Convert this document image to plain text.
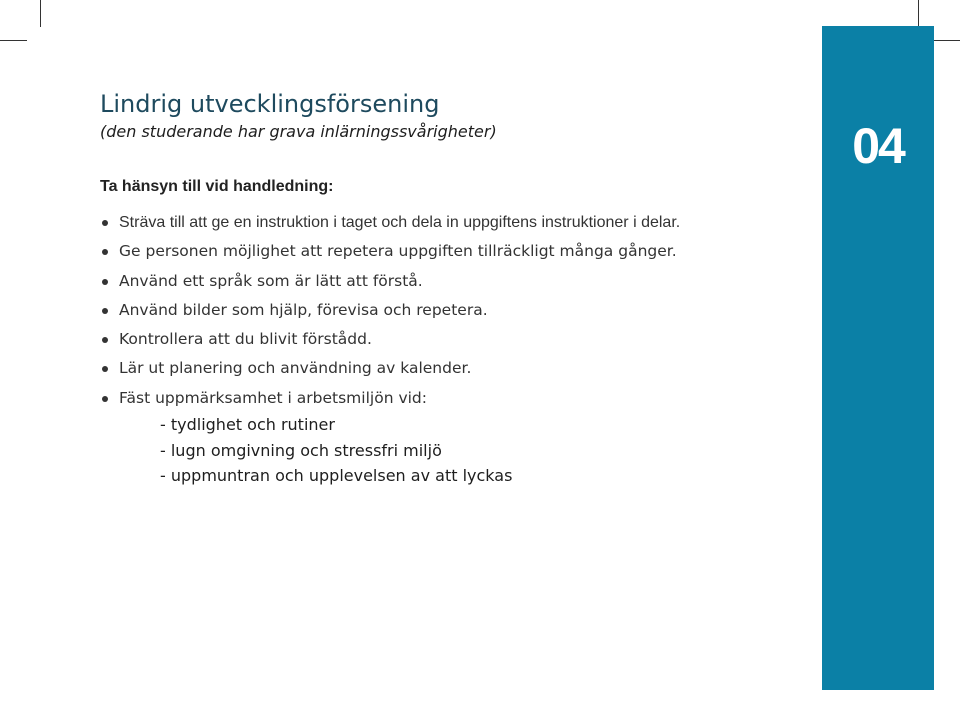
04
Lindrig utvecklingsförsening

(den studerande har grava inlärningssvårigheter)

Ta hänsyn till vid handledning:
Sträva till att ge en instruktion i taget och dela in uppgiftens instruktioner i delar.
Ge personen möjlighet att repetera uppgiften tillräckligt många gånger.
Använd ett språk som är lätt att förstå.
Använd bilder som hjälp, förevisa och repetera.
Kontrollera att du blivit förstådd.
Lär ut planering och användning av kalender.
Fäst uppmärksamhet i arbetsmiljön vid:
- tydlighet och rutiner
- lugn omgivning och stressfri miljö
- uppmuntran och upplevelsen av att lyckas
